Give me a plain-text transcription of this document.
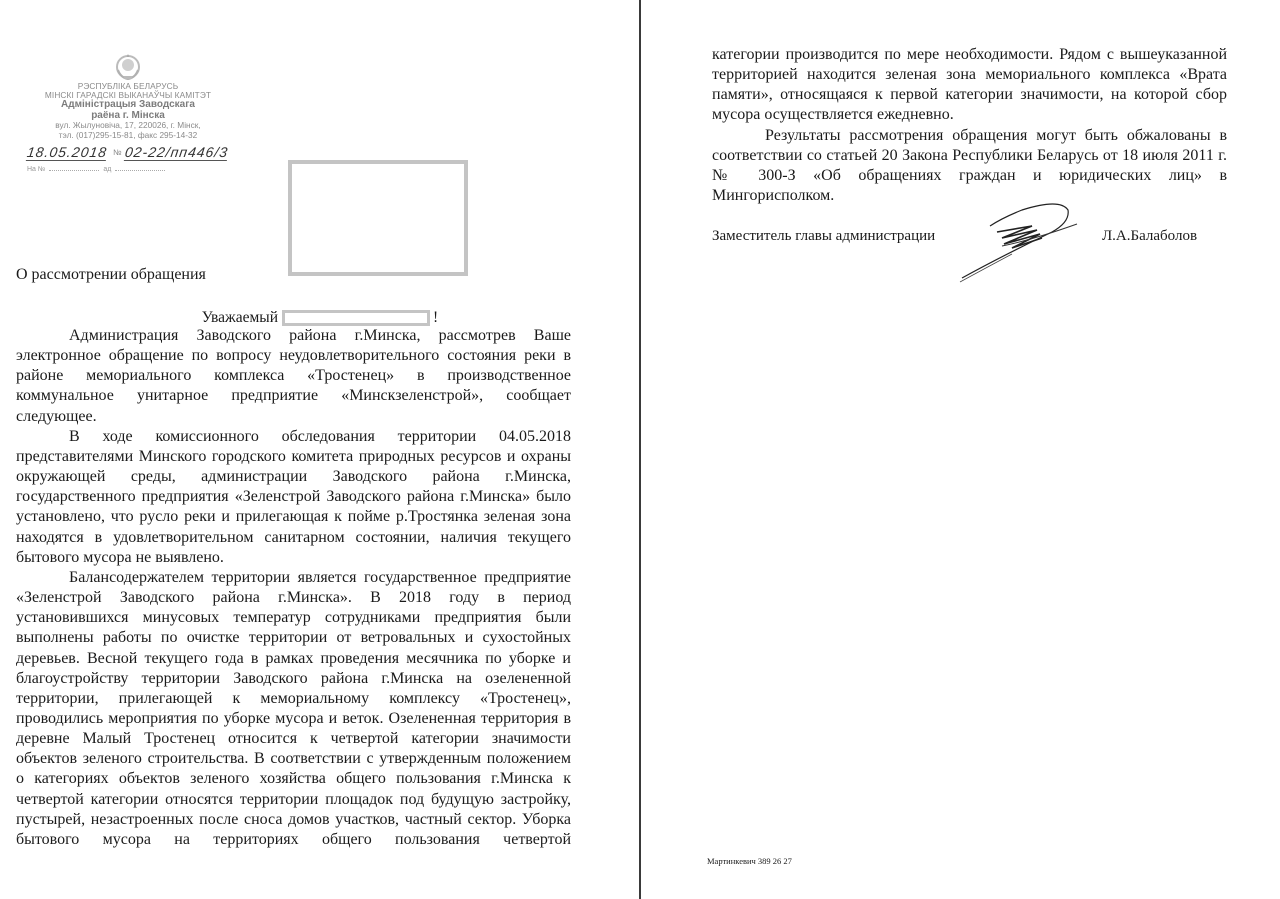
РЭСПУБЛІКА БЕЛАРУСЬ
МІНСКІ ГАРАДСКІ ВЫКАНАЎЧЫ КАМІТЭТ
Адміністрацыя Заводскага
раёна г. Мінска
вул. Жылуновіча, 17, 220026, г. Мінск,
тэл. (017)295-15-81, факс 295-14-32
18.05.2018 № 02-22/пп446/3
На №	ад
О рассмотрении обращения
Уважаемый	!

Администрация Заводского района г.Минска, рассмотрев Ваше электронное обращение по вопросу неудовлетворительного состояния реки в районе мемориального комплекса «Тростенец» в производственное коммунальное унитарное предприятие «Минскзеленстрой», сообщает следующее.

В ходе комиссионного обследования территории 04.05.2018 представителями Минского городского комитета природных ресурсов и охраны окружающей среды, администрации Заводского района г.Минска, государственного предприятия «Зеленстрой Заводского района г.Минска» было установлено, что русло реки и прилегающая к пойме р.Тростянка зеленая зона находятся в удовлетворительном санитарном состоянии, наличия текущего бытового мусора не выявлено.

Балансодержателем территории является государственное предприятие «Зеленстрой Заводского района г.Минска». В 2018 году в период установившихся минусовых температур сотрудниками предприятия были выполнены работы по очистке территории от ветровальных и сухостойных деревьев. Весной текущего года в рамках проведения месячника по уборке и благоустройству территории Заводского района г.Минска на озелененной территории, прилегающей к мемориальному комплексу «Тростенец», проводились мероприятия по уборке мусора и веток. Озелененная территория в деревне Малый Тростенец относится к четвертой категории значимости объектов зеленого строительства. В соответствии с утвержденным положением о категориях объектов зеленого хозяйства общего пользования г.Минска к четвертой категории относятся территории площадок под будущую застройку, пустырей, незастроенных после сноса домов участков, частный сектор. Уборка бытового мусора на территориях общего пользования четвертой

категории производится по мере необходимости. Рядом с вышеуказанной территорией находится зеленая зона мемориального комплекса «Врата памяти», относящаяся к первой категории значимости, на которой сбор мусора осуществляется ежедневно.

Результаты рассмотрения обращения могут быть обжалованы в соответствии со статьей 20 Закона Республики Беларусь от 18 июля 2011 г. № 300-З «Об обращениях граждан и юридических лиц» в Мингорисполком.

Заместитель главы администрации	Л.А.Балаболов
Мартинкевич 389 26 27
